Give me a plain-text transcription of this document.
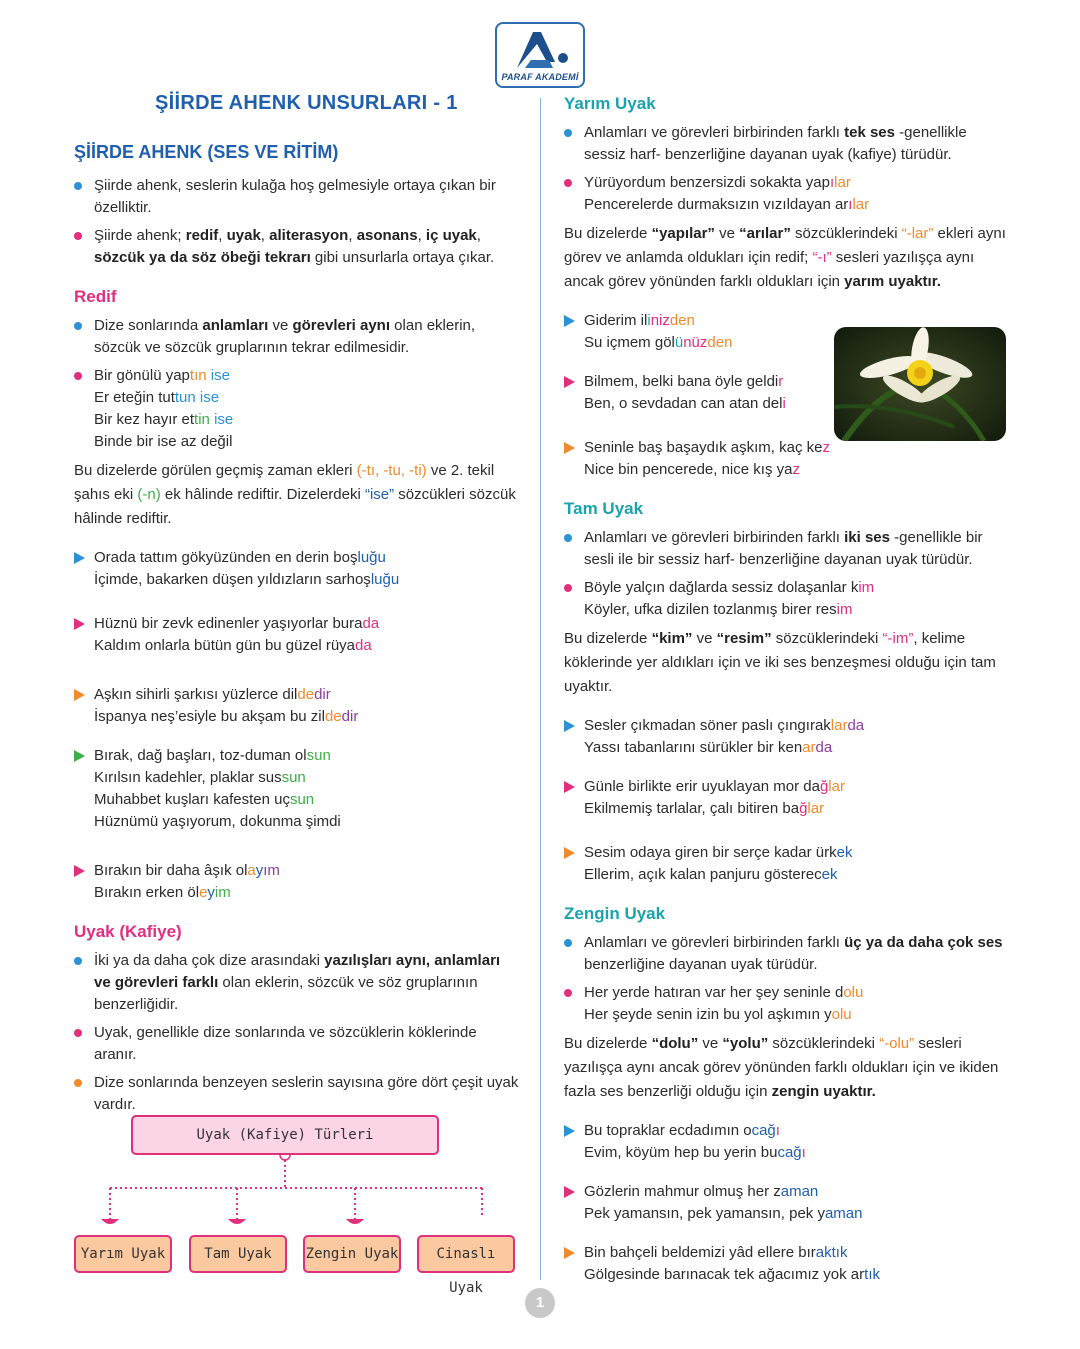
PARAF AKADEMİ
ŞİİRDE AHENK UNSURLARI - 1
ŞİİRDE AHENK (SES VE RİTİM)
Şiirde ahenk, seslerin kulağa hoş gelmesiyle ortaya çıkan bir özelliktir.
Şiirde ahenk; redif, uyak, aliterasyon, asonans, iç uyak, sözcük ya da söz öbeği tekrarı gibi unsurlarla ortaya çıkar.
Redif
Dize sonlarında anlamları ve görevleri aynı olan eklerin, sözcük ve sözcük gruplarının tekrar edilmesidir.
Bir gönülü yaptın ise
Er eteğin tuttun ise
Bir kez hayır ettin ise
Binde bir ise az değil
Bu dizelerde görülen geçmiş zaman ekleri (-tı, -tu, -ti) ve 2. tekil şahıs eki (-n) ek hâlinde rediftir. Dizelerdeki “ise” sözcükleri sözcük hâlinde rediftir.
Orada tattım gökyüzünden en derin boşluğu
İçimde, bakarken düşen yıldızların sarhoşluğu
Hüznü bir zevk edinenler yaşıyorlar burada
Kaldım onlarla bütün gün bu güzel rüyada
Aşkın sihirli şarkısı yüzlerce dildedir
İspanya neş’esiyle bu akşam bu zildedir
Bırak, dağ başları, toz-duman olsun
Kırılsın kadehler, plaklar sussun
Muhabbet kuşları kafesten uçsun
Hüznümü yaşıyorum, dokunma şimdi
Bırakın bir daha âşık olayım
Bırakın erken öleyim
Uyak (Kafiye)
İki ya da daha çok dize arasındaki yazılışları aynı, anlamları ve görevleri farklı olan eklerin, sözcük ve söz gruplarının benzerliğidir.
Uyak, genellikle dize sonlarında ve sözcüklerin köklerinde aranır.
Dize sonlarında benzeyen seslerin sayısına göre dört çeşit uyak vardır.
Uyak (Kafiye) Türleri
Yarım Uyak	Tam Uyak	Zengin Uyak	Cinaslı Uyak
Yarım Uyak
Anlamları ve görevleri birbirinden farklı tek ses -genellikle sessiz harf- benzerliğine dayanan uyak (kafiye) türüdür.
Yürüyordum benzersizdi sokakta yapılar
Pencerelerde durmaksızın vızıldayan arılar
Bu dizelerde “yapılar” ve “arılar” sözcüklerindeki “-lar” ekleri aynı görev ve anlamda oldukları için redif; “-ı” sesleri yazılışça aynı ancak görev yönünden farklı oldukları için yarım uyaktır.
Giderim ilinizden
Su içmem gölünüzden
Bilmem, belki bana öyle geldir
Ben, o sevdadan can atan deli
Seninle baş başaydık aşkım, kaç kez
Nice bin pencerede, nice kış yaz
Tam Uyak
Anlamları ve görevleri birbirinden farklı iki ses -genellikle bir sesli ile bir sessiz harf- benzerliğine dayanan uyak türüdür.
Böyle yalçın dağlarda sessiz dolaşanlar kim
Köyler, ufka dizilen tozlanmış birer resim
Bu dizelerde “kim” ve “resim” sözcüklerindeki “-im”, kelime köklerinde yer aldıkları için ve iki ses benzeşmesi olduğu için tam uyaktır.
Sesler çıkmadan söner paslı çıngıraklarda
Yassı tabanlarını sürükler bir kenarda
Günle birlikte erir uyuklayan mor dağlar
Ekilmemiş tarlalar, çalı bitiren bağlar
Sesim odaya giren bir serçe kadar ürkek
Ellerim, açık kalan panjuru gösterecek
Zengin Uyak
Anlamları ve görevleri birbirinden farklı üç ya da daha çok ses benzerliğine dayanan uyak türüdür.
Her yerde hatıran var her şey seninle dolu
Her şeyde senin izin bu yol aşkımın yolu
Bu dizelerde “dolu” ve “yolu” sözcüklerindeki “-olu” sesleri yazılışça aynı ancak görev yönünden farklı oldukları için ve ikiden fazla ses benzerliği olduğu için zengin uyaktır.
Bu topraklar ecdadımın ocağı
Evim, köyüm hep bu yerin bucağı
Gözlerin mahmur olmuş her zaman
Pek yamansın, pek yamansın, pek yaman
Bin bahçeli beldemizi yâd ellere bıraktık
Gölgesinde barınacak tek ağacımız yok artık
1
